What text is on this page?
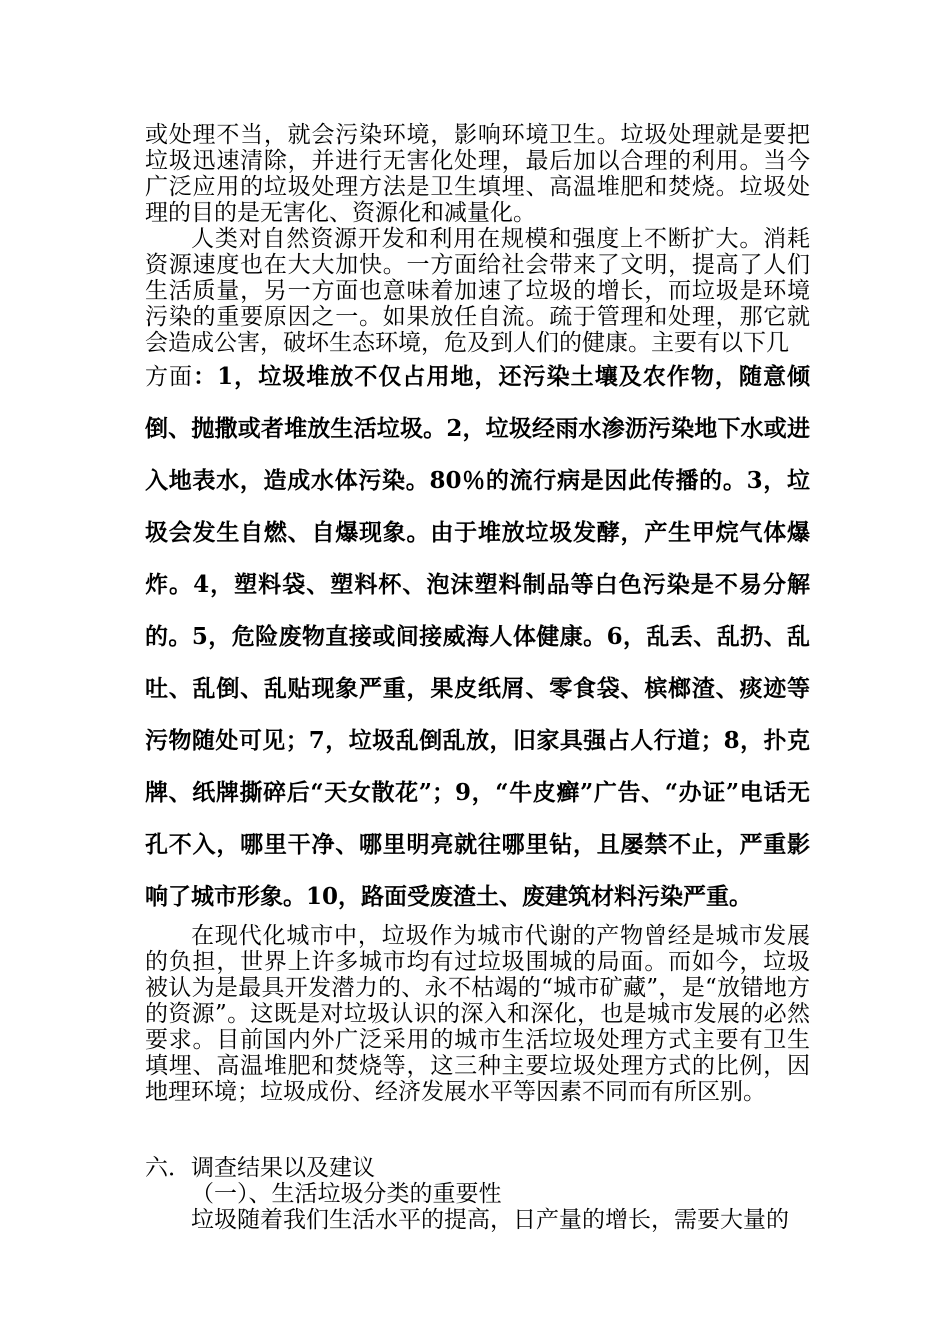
或处理不当，就会污染环境，影响环境卫生。垃圾处理就是要把垃圾迅速清除，并进行无害化处理，最后加以合理的利用。当今广泛应用的垃圾处理方法是卫生填埋、高温堆肥和焚烧。垃圾处理的目的是无害化、资源化和减量化。

人类对自然资源开发和利用在规模和强度上不断扩大。消耗资源速度也在大大加快。一方面给社会带来了文明，提高了人们生活质量，另一方面也意味着加速了垃圾的增长，而垃圾是环境污染的重要原因之一。如果放任自流。疏于管理和处理，那它就会造成公害，破坏生态环境，危及到人们的健康。主要有以下几

方面：1，垃圾堆放不仅占用地，还污染土壤及农作物，随意倾倒、抛撒或者堆放生活垃圾。2，垃圾经雨水渗沥污染地下水或进入地表水，造成水体污染。80％的流行病是因此传播的。3，垃圾会发生自燃、自爆现象。由于堆放垃圾发酵，产生甲烷气体爆炸。4，塑料袋、塑料杯、泡沫塑料制品等白色污染是不易分解的。5，危险废物直接或间接威海人体健康。6，乱丢、乱扔、乱吐、乱倒、乱贴现象严重，果皮纸屑、零食袋、槟榔渣、痰迹等污物随处可见；7，垃圾乱倒乱放，旧家具强占人行道；8，扑克牌、纸牌撕碎后“天女散花”；9，“牛皮癣”广告、“办证”电话无孔不入，哪里干净、哪里明亮就往哪里钻，且屡禁不止，严重影响了城市形象。10，路面受废渣土、废建筑材料污染严重。

在现代化城市中，垃圾作为城市代谢的产物曾经是城市发展的负担，世界上许多城市均有过垃圾围城的局面。而如今，垃圾被认为是最具开发潜力的、永不枯竭的“城市矿藏”，是“放错地方的资源”。这既是对垃圾认识的深入和深化，也是城市发展的必然要求。目前国内外广泛采用的城市生活垃圾处理方式主要有卫生填埋、高温堆肥和焚烧等，这三种主要垃圾处理方式的比例，因地理环境；垃圾成份、经济发展水平等因素不同而有所区别。

六．调查结果以及建议

（一）、生活垃圾分类的重要性

垃圾随着我们生活水平的提高，日产量的增长，需要大量的
